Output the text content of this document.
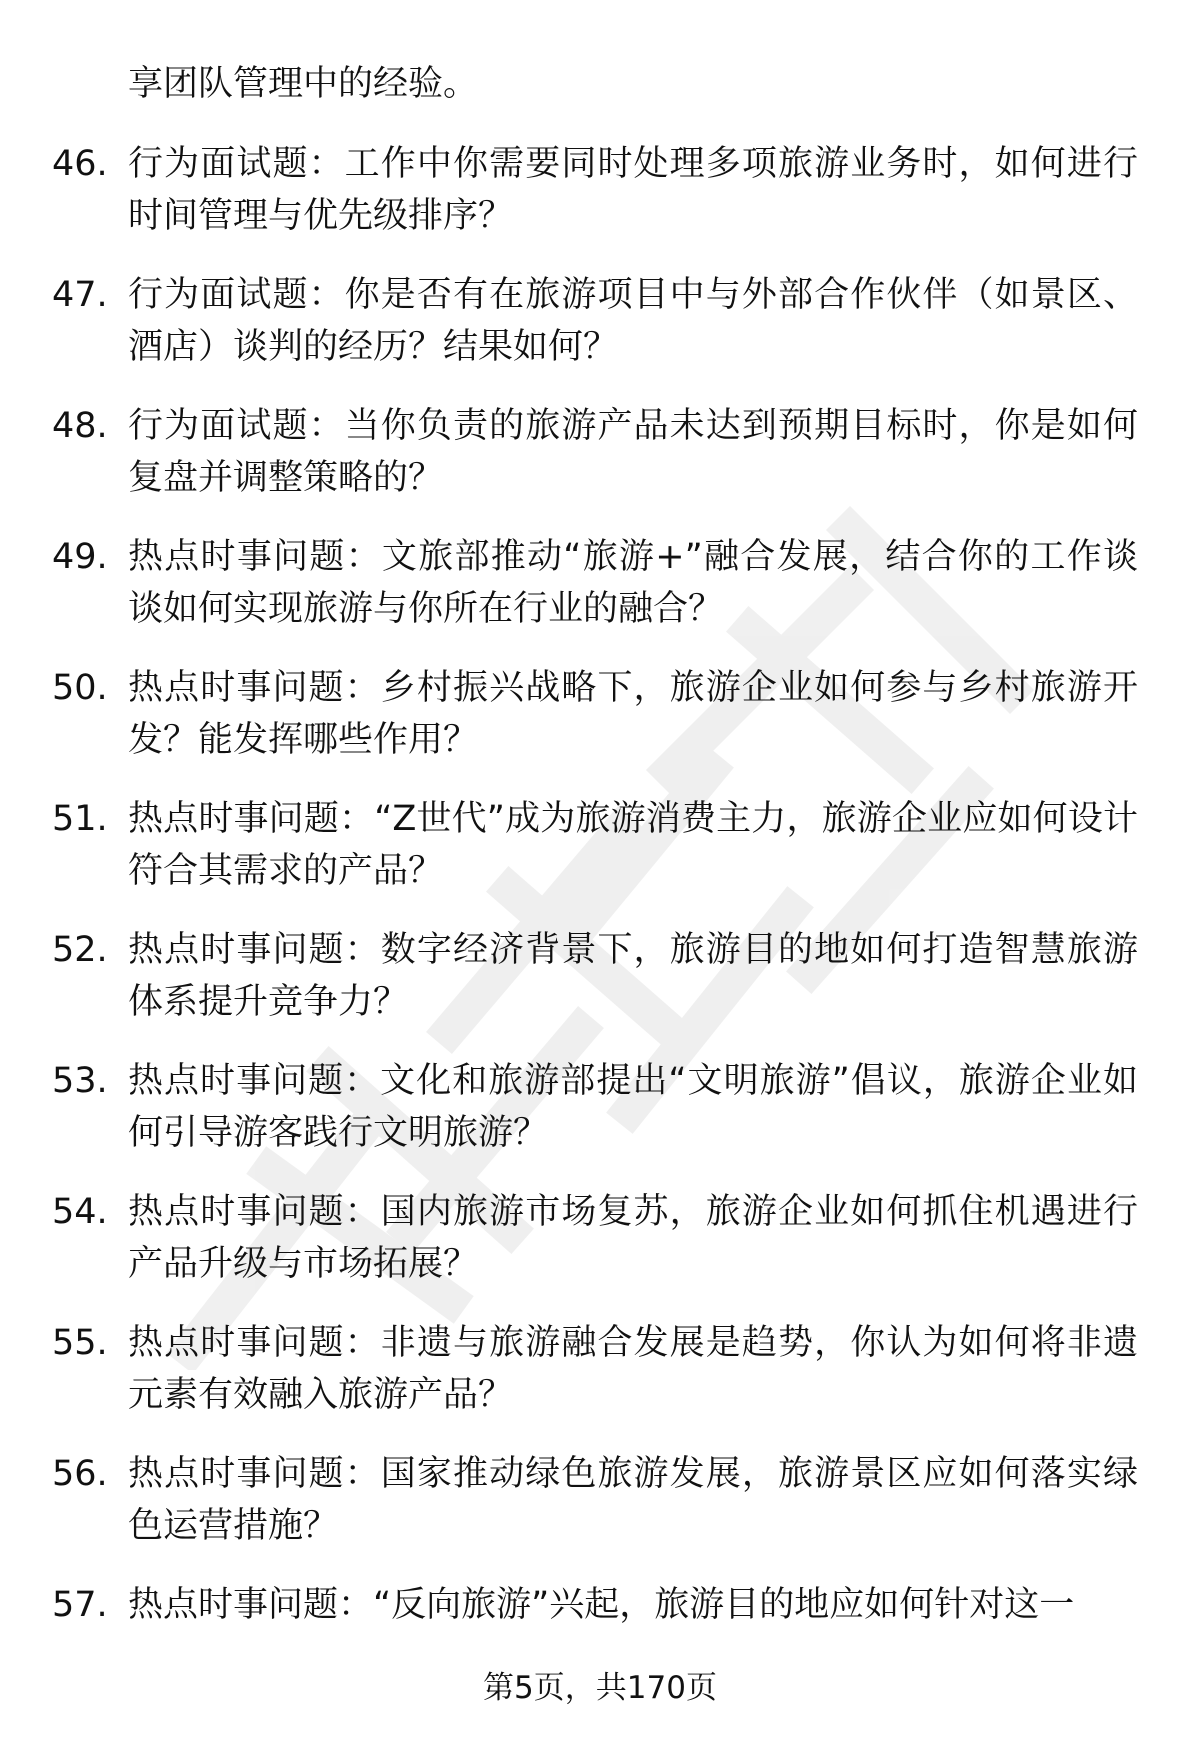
享团队管理中的经验。

46. 行为面试题：工作中你需要同时处理多项旅游业务时，如何进行时间管理与优先级排序？
47. 行为面试题：你是否有在旅游项目中与外部合作伙伴（如景区、酒店）谈判的经历？结果如何？
48. 行为面试题：当你负责的旅游产品未达到预期目标时，你是如何复盘并调整策略的？
49. 热点时事问题：文旅部推动“旅游+”融合发展，结合你的工作谈谈如何实现旅游与你所在行业的融合？
50. 热点时事问题：乡村振兴战略下，旅游企业如何参与乡村旅游开发？能发挥哪些作用？
51. 热点时事问题：“Z世代”成为旅游消费主力，旅游企业应如何设计符合其需求的产品？
52. 热点时事问题：数字经济背景下，旅游目的地如何打造智慧旅游体系提升竞争力？
53. 热点时事问题：文化和旅游部提出“文明旅游”倡议，旅游企业如何引导游客践行文明旅游？
54. 热点时事问题：国内旅游市场复苏，旅游企业如何抓住机遇进行产品升级与市场拓展？
55. 热点时事问题：非遗与旅游融合发展是趋势，你认为如何将非遗元素有效融入旅游产品？
56. 热点时事问题：国家推动绿色旅游发展，旅游景区应如何落实绿色运营措施？
57. 热点时事问题：“反向旅游”兴起，旅游目的地应如何针对这一
第5页，共170页
